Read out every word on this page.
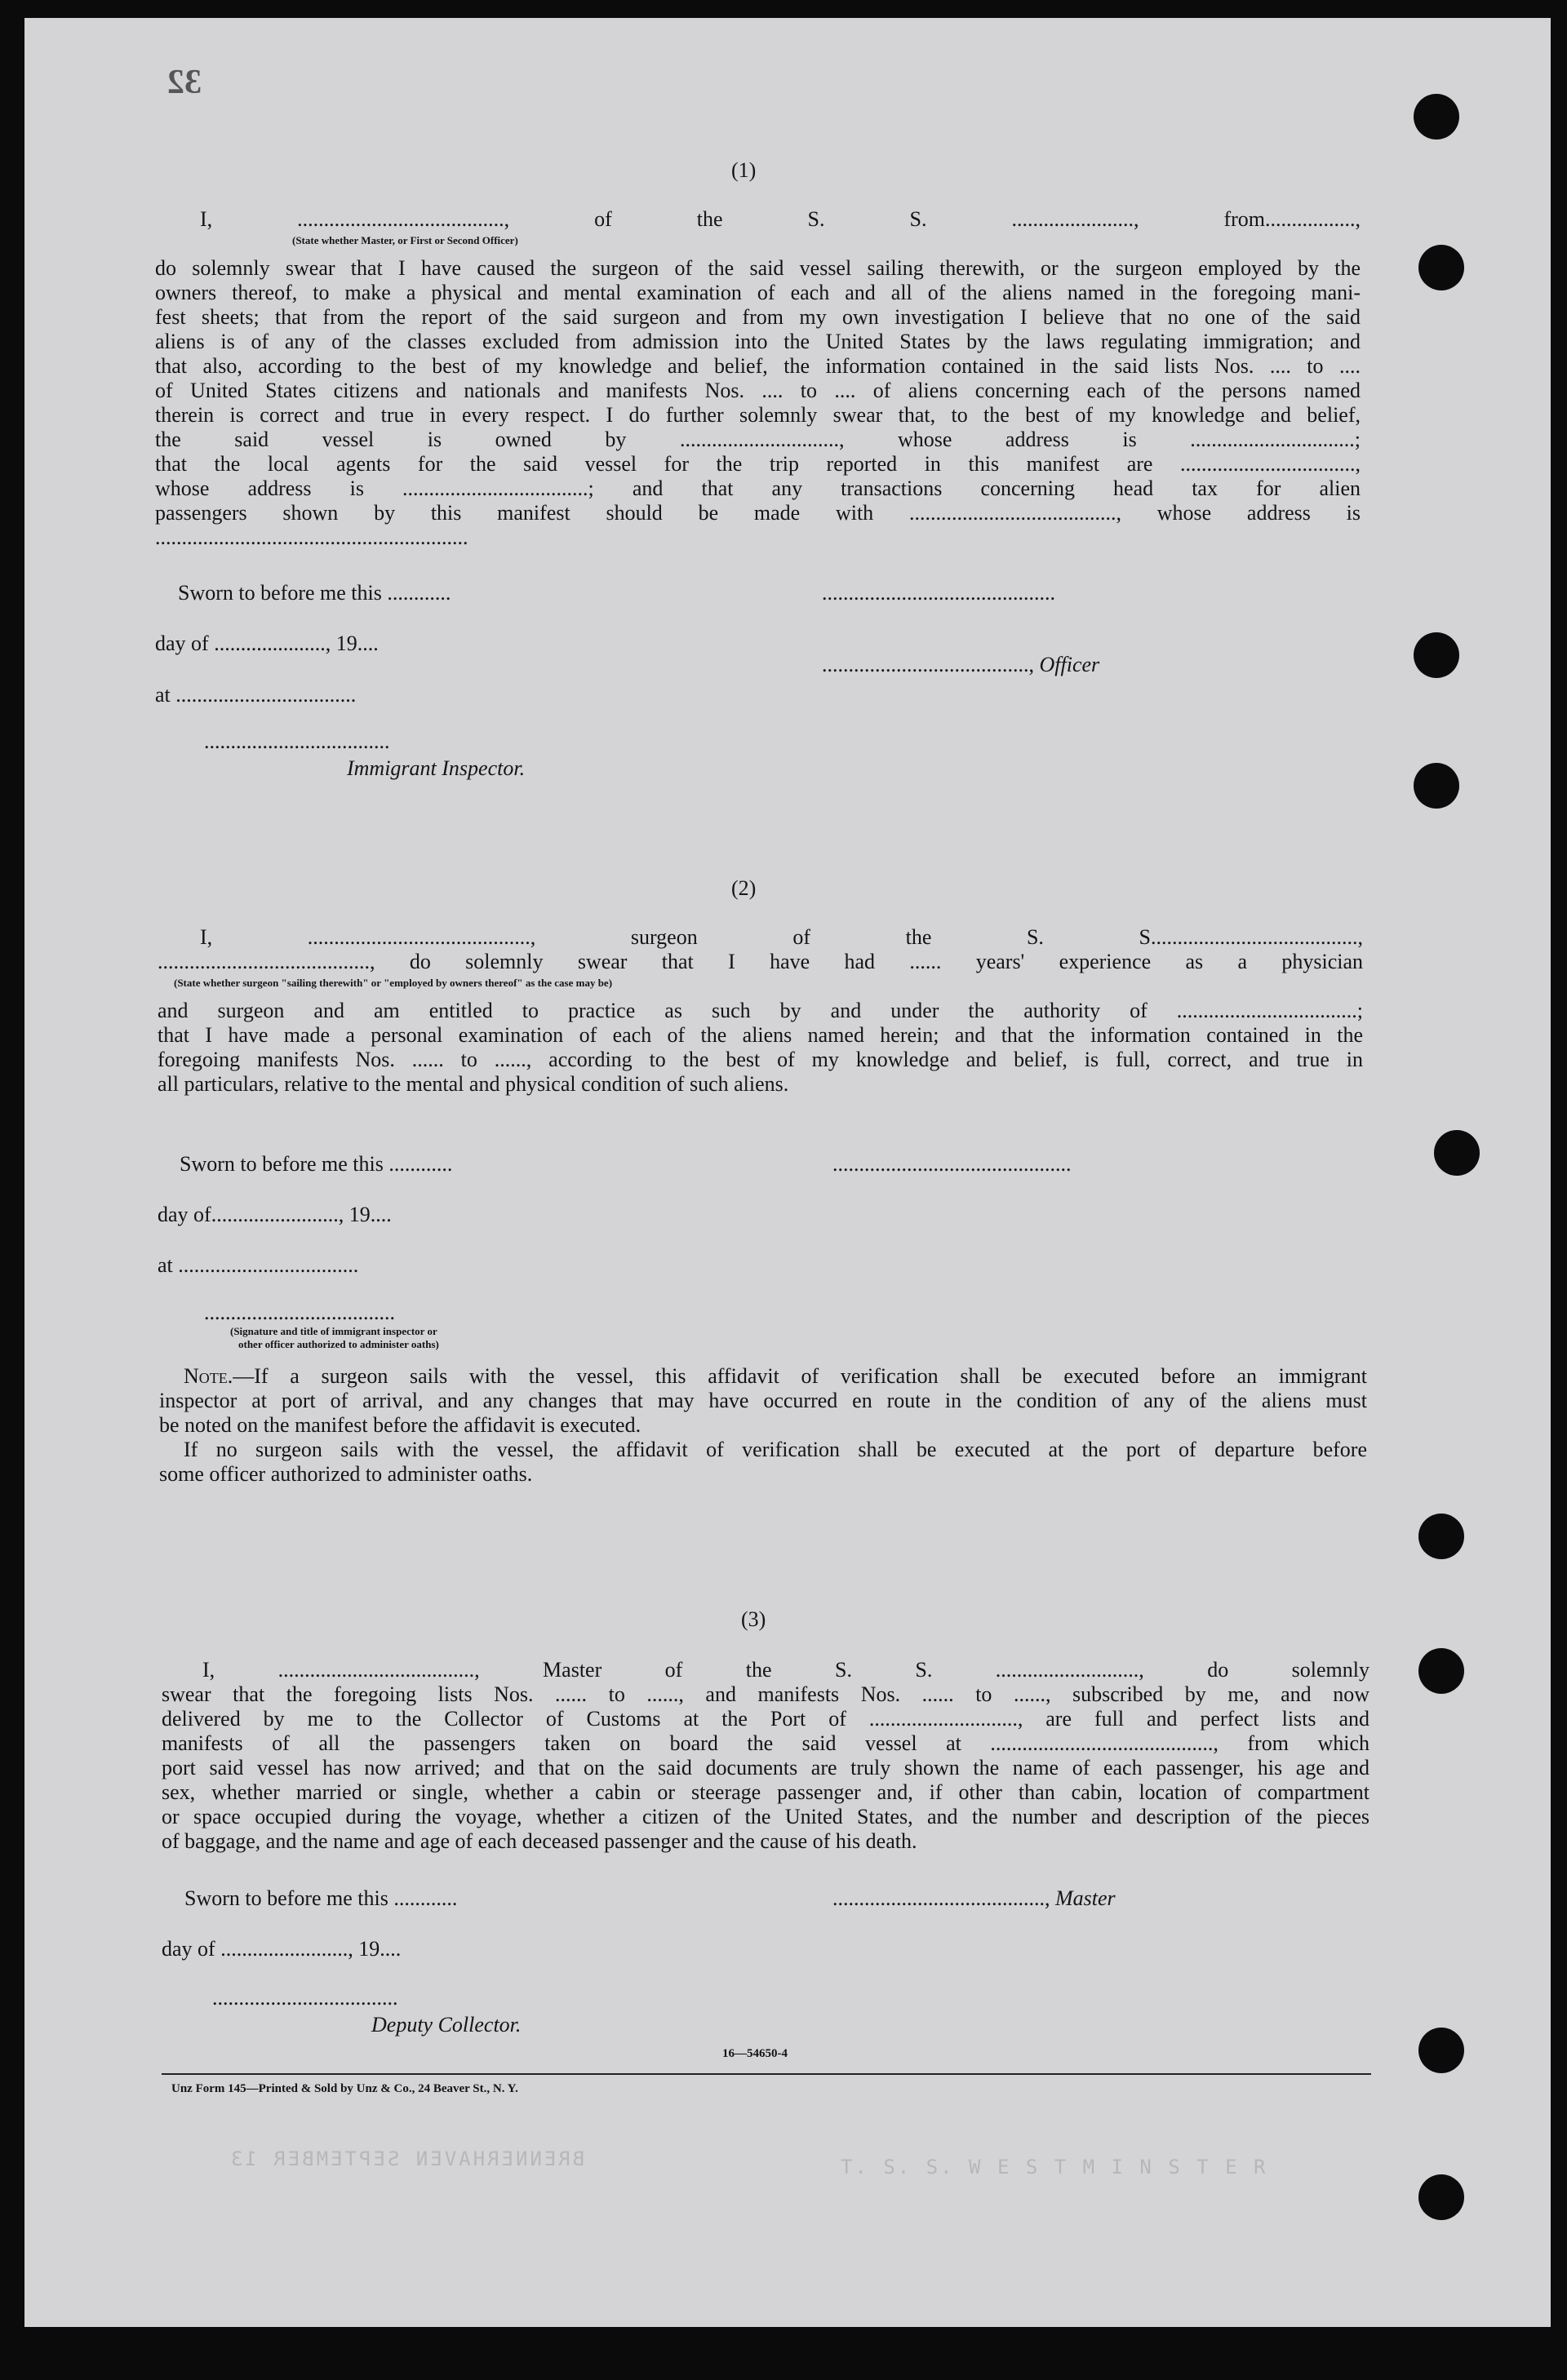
32
(1)
I, ......................................., of the S. S. ......................., from.................,
(State whether Master, or First or Second Officer)
do solemnly swear that I have caused the surgeon of the said vessel sailing therewith, or the surgeon employed by the
owners thereof, to make a physical and mental examination of each and all of the aliens named in the foregoing mani-
fest sheets; that from the report of the said surgeon and from my own investigation I believe that no one of the said
aliens is of any of the classes excluded from admission into the United States by the laws regulating immigration; and
that also, according to the best of my knowledge and belief, the information contained in the said lists Nos. .... to ....
of United States citizens and nationals and manifests Nos. .... to .... of aliens concerning each of the persons named
therein is correct and true in every respect. I do further solemnly swear that, to the best of my knowledge and belief,
the said vessel is owned by .............................., whose address is ...............................;
that the local agents for the said vessel for the trip reported in this manifest are .................................,
whose address is ...................................; and that any transactions concerning head tax for alien
passengers shown by this manifest should be made with ......................................., whose address is
...........................................................
Sworn to before me this ............
day of ....................., 19....
at ..................................
...................................
Immigrant Inspector.
............................................
......................................., Officer
(2)
I, .........................................., surgeon of the S. S.......................................,
........................................, do solemnly swear that I have had ...... years' experience as a physician
(State whether surgeon "sailing therewith" or "employed by owners thereof" as the case may be)
and surgeon and am entitled to practice as such by and under the authority of ..................................;
that I have made a personal examination of each of the aliens named herein; and that the information contained in the
foregoing manifests Nos. ...... to ......, according to the best of my knowledge and belief, is full, correct, and true in
all particulars, relative to the mental and physical condition of such aliens.
Sworn to before me this ............
day of........................, 19....
at ..................................
.............................................
....................................
(Signature and title of immigrant inspector or
other officer authorized to administer oaths)
Note.—If a surgeon sails with the vessel, this affidavit of verification shall be executed before an immigrant
inspector at port of arrival, and any changes that may have occurred en route in the condition of any of the aliens must
be noted on the manifest before the affidavit is executed.
If no surgeon sails with the vessel, the affidavit of verification shall be executed at the port of departure before
some officer authorized to administer oaths.
(3)
I, ....................................., Master of the S. S. ..........................., do solemnly
swear that the foregoing lists Nos. ...... to ......, and manifests Nos. ...... to ......, subscribed by me, and now
delivered by me to the Collector of Customs at the Port of ............................, are full and perfect lists and
manifests of all the passengers taken on board the said vessel at .........................................., from which
port said vessel has now arrived; and that on the said documents are truly shown the name of each passenger, his age and
sex, whether married or single, whether a cabin or steerage passenger and, if other than cabin, location of compartment
or space occupied during the voyage, whether a citizen of the United States, and the number and description of the pieces
of baggage, and the name and age of each deceased passenger and the cause of his death.
Sworn to before me this ............
day of ........................, 19....
...................................
Deputy Collector.
........................................, Master
16—54650-4
Unz Form 145—Printed & Sold by Unz & Co., 24 Beaver St., N. Y.
BRENNERHAVEN SEPTEMBER 13	T. S. S. W E S T M I N S T E R
